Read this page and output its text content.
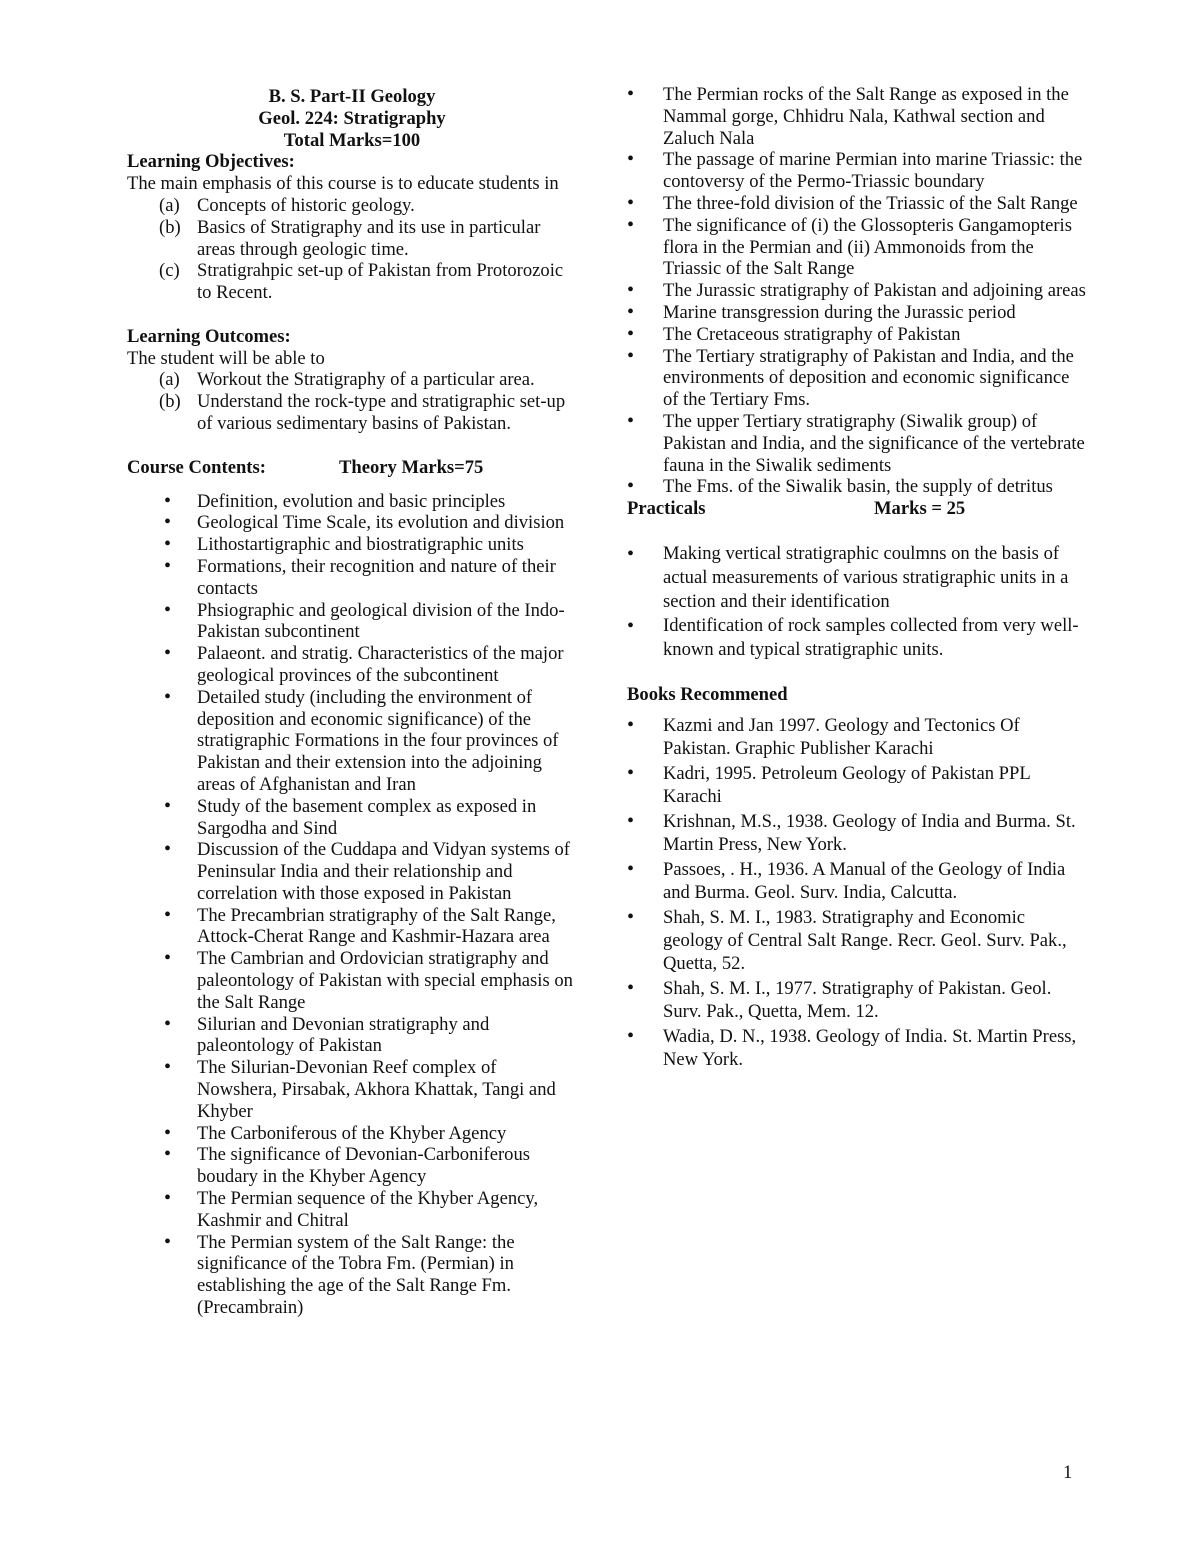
B. S. Part-II Geology
Geol. 224: Stratigraphy
Total Marks=100
Learning Objectives:

The main emphasis of this course is to educate students in

(a) Concepts of historic geology.
(b) Basics of Stratigraphy and its use in particular areas through geologic time.
(c) Stratigrahpic set-up of Pakistan from Protorozoic to Recent.
Learning Outcomes:

The student will be able to

(a) Workout the Stratigraphy of a particular area.
(b) Understand the rock-type and stratigraphic set-up of various sedimentary basins of Pakistan.
Course Contents:	Theory Marks=75
• Definition, evolution and basic principles
• Geological Time Scale, its evolution and division
• Lithostartigraphic and biostratigraphic units
• Formations, their recognition and nature of their contacts
• Phsiographic and geological division of the Indo-Pakistan subcontinent
• Palaeont. and stratig. Characteristics of the major geological provinces of the subcontinent
• Detailed study (including the environment of deposition and economic significance) of the stratigraphic Formations in the four provinces of Pakistan and their extension into the adjoining areas of Afghanistan and Iran
• Study of the basement complex as exposed in Sargodha and Sind
• Discussion of the Cuddapa and Vidyan systems of Peninsular India and their relationship and correlation with those exposed in Pakistan
• The Precambrian stratigraphy of the Salt Range, Attock-Cherat Range and Kashmir-Hazara area
• The Cambrian and Ordovician stratigraphy and paleontology of Pakistan with special emphasis on the Salt Range
• Silurian and Devonian stratigraphy and paleontology of Pakistan
• The Silurian-Devonian Reef complex of Nowshera, Pirsabak, Akhora Khattak, Tangi and Khyber
• The Carboniferous of the Khyber Agency
• The significance of Devonian-Carboniferous boudary in the Khyber Agency
• The Permian sequence of the Khyber Agency, Kashmir and Chitral
• The Permian system of the Salt Range: the significance of the Tobra Fm. (Permian) in establishing the age of the Salt Range Fm. (Precambrain)
• The Permian rocks of the Salt Range as exposed in the Nammal gorge, Chhidru Nala, Kathwal section and Zaluch Nala
• The passage of marine Permian into marine Triassic: the contoversy of the Permo-Triassic boundary
• The three-fold division of the Triassic of the Salt Range
• The significance of (i) the Glossopteris Gangamopteris flora in the Permian and (ii) Ammonoids from the Triassic of the Salt Range
• The Jurassic stratigraphy of Pakistan and adjoining areas
• Marine transgression during the Jurassic period
• The Cretaceous stratigraphy of Pakistan
• The Tertiary stratigraphy of Pakistan and India, and the environments of deposition and economic significance of the Tertiary Fms.
• The upper Tertiary stratigraphy (Siwalik group) of Pakistan and India, and the significance of the vertebrate fauna in the Siwalik sediments
• The Fms. of the Siwalik basin, the supply of detritus
Practicals	Marks = 25
• Making vertical stratigraphic coulmns on the basis of actual measurements of various stratigraphic units in a section and their identification
• Identification of rock samples collected from very well-known and typical stratigraphic units.
Books Recommened
• Kazmi and Jan 1997. Geology and Tectonics Of Pakistan. Graphic Publisher Karachi
• Kadri, 1995. Petroleum Geology of Pakistan PPL Karachi
• Krishnan, M.S., 1938. Geology of India and Burma. St. Martin Press, New York.
• Passoes, . H., 1936. A Manual of the Geology of India and Burma. Geol. Surv. India, Calcutta.
• Shah, S. M. I., 1983. Stratigraphy and Economic geology of Central Salt Range. Recr. Geol. Surv. Pak., Quetta, 52.
• Shah, S. M. I., 1977. Stratigraphy of Pakistan. Geol. Surv. Pak., Quetta, Mem. 12.
• Wadia, D. N., 1938. Geology of India. St. Martin Press, New York.
1
